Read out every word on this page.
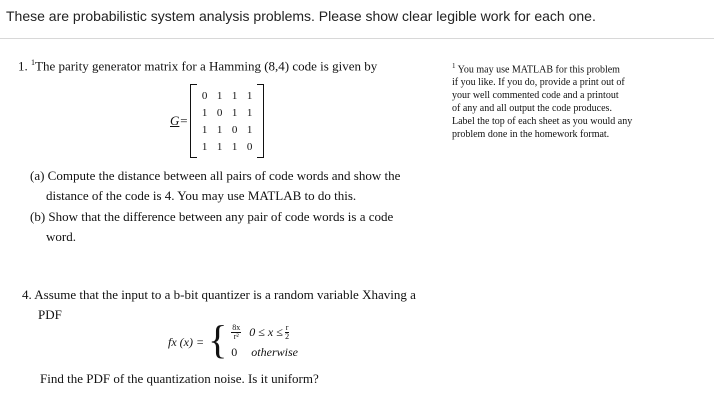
These are probabilistic system analysis problems. Please show clear legible work for each one.
1. $^1$The parity generator matrix for a Hamming (8,4) code is given by
G=
0	1	1	1
1	0	1	1
1	1	0	1
1	1	1	0
(a) Compute the distance between all pairs of code words and show the
distance of the code is 4. You may use MATLAB to do this.
(b) Show that the difference between any pair of code words is a code
word.
$^1$ You may use MATLAB for this problem
if you like. If you do, provide a print out of
your well commented code and a printout
of any and all output the code produces.
Label the top of each sheet as you would any
problem done in the homework format.
4. Assume that the input to a b-bit quantizer is a random variable Xhaving a
PDF
fx (x) = { $\frac{8x}{\text{r²}} 0 \le x \le \frac{r}{2}$
0 otherwise
Find the PDF of the quantization noise. Is it uniform?
